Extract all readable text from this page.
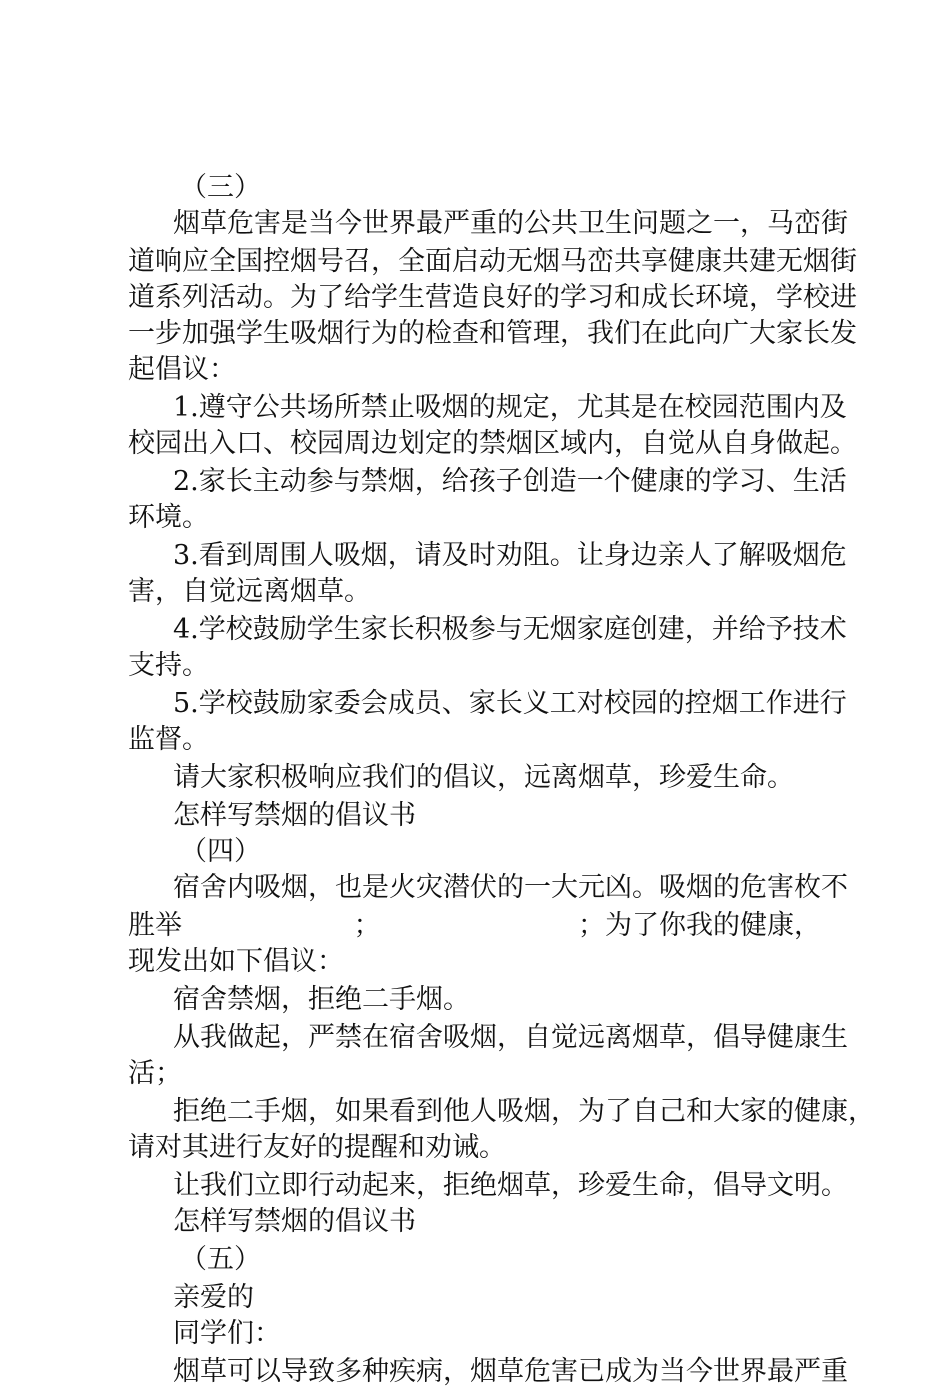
（三）
烟草危害是当今世界最严重的公共卫生问题之一，马峦街
道响应全国控烟号召，全面启动无烟马峦共享健康共建无烟街
道系列活动。为了给学生营造良好的学习和成长环境，学校进
一步加强学生吸烟行为的检查和管理，我们在此向广大家长发
起倡议：
1.遵守公共场所禁止吸烟的规定，尤其是在校园范围内及
校园出入口、校园周边划定的禁烟区域内，自觉从自身做起。
2.家长主动参与禁烟，给孩子创造一个健康的学习、生活
环境。
3.看到周围人吸烟，请及时劝阻。让身边亲人了解吸烟危
害，自觉远离烟草。
4.学校鼓励学生家长积极参与无烟家庭创建，并给予技术
支持。
5.学校鼓励家委会成员、家长义工对校园的控烟工作进行
监督。
请大家积极响应我们的倡议，远离烟草，珍爱生命。
怎样写禁烟的倡议书
（四）
宿舍内吸烟，也是火灾潜伏的一大元凶。吸烟的危害枚不
胜举                    ；                       ；为了你我的健康，
现发出如下倡议：
宿舍禁烟，拒绝二手烟。
从我做起，严禁在宿舍吸烟，自觉远离烟草，倡导健康生
活；
拒绝二手烟，如果看到他人吸烟，为了自己和大家的健康，
请对其进行友好的提醒和劝诫。
让我们立即行动起来，拒绝烟草，珍爱生命，倡导文明。
怎样写禁烟的倡议书
（五）
亲爱的
同学们：
烟草可以导致多种疾病，烟草危害已成为当今世界最严重
